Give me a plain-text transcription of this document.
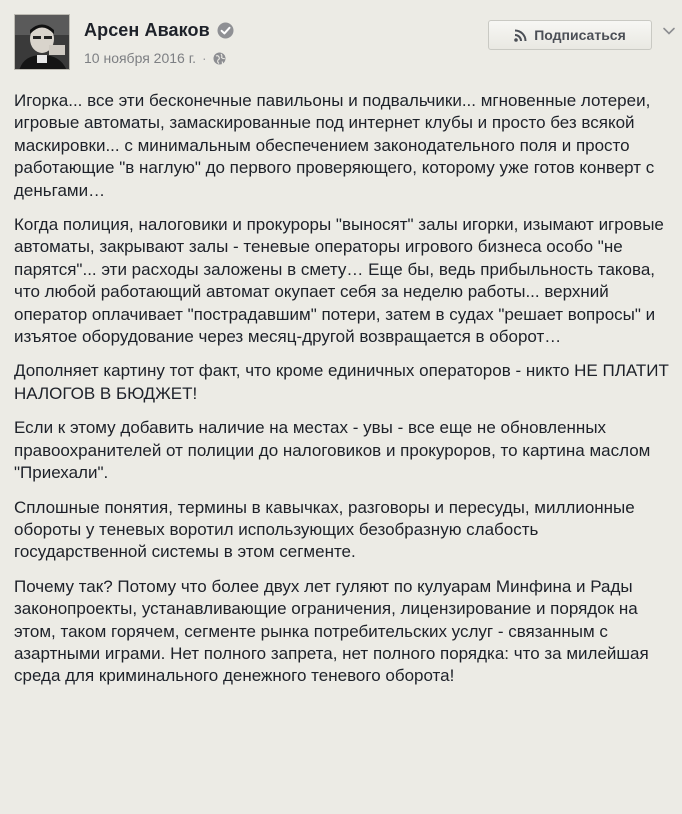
Арсен Аваков
10 ноября 2016 г. ·
Подписаться

Игорка... все эти бесконечные павильоны и подвальчики... мгновенные лотереи, игровые автоматы, замаскированные под интернет клубы и просто без всякой маскировки... с минимальным обеспечением законодательного поля и просто работающие "в наглую" до первого проверяющего, которому уже готов конверт с деньгами…

Когда полиция, налоговики и прокуроры "выносят" залы игорки, изымают игровые автоматы, закрывают залы - теневые операторы игрового бизнеса особо "не парятся"... эти расходы заложены в смету… Еще бы, ведь прибыльность такова, что любой работающий автомат окупает себя за неделю работы... верхний оператор оплачивает "пострадавшим" потери, затем в судах "решает вопросы" и изъятое оборудование через месяц-другой возвращается в оборот…

Дополняет картину тот факт, что кроме единичных операторов - никто НЕ ПЛАТИТ НАЛОГОВ В БЮДЖЕТ!

Если к этому добавить наличие на местах - увы - все еще не обновленных правоохранителей от полиции до налоговиков и прокуроров, то картина маслом "Приехали".

Сплошные понятия, термины в кавычках, разговоры и пересуды, миллионные обороты у теневых воротил использующих безобразную слабость государственной системы в этом сегменте.

Почему так? Потому что более двух лет гуляют по кулуарам Минфина и Рады законопроекты, устанавливающие ограничения, лицензирование и порядок на этом, таком горячем, сегменте рынка потребительских услуг - связанным с азартными играми. Нет полного запрета, нет полного порядка: что за милейшая среда для криминального денежного теневого оборота!
